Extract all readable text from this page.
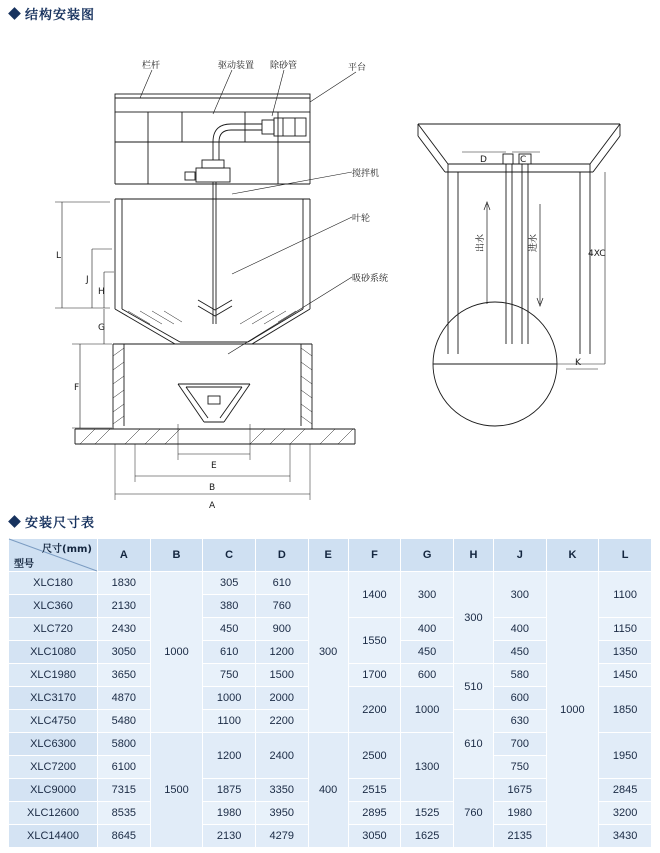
结构安装图
栏杆	驱动装置 除砂管	平台
搅拌机
叶轮
吸砂系统
L
J
H
G
F
E
B
A
D	C
K
4XC
出水	进水
安装尺寸表
尺寸(mm)
型号	A	B	C	D	E	F	G	H	J	K	L
XLC180	1830	1000	305	610	300	1400	300	300	300	1000	1100
XLC360	2130		380	760							
XLC720	2430		450	900		1550	400		400		1150
XLC1080	3050		610	1200			450		450		1350
XLC1980	3650		750	1500		1700	600	510	580		1450
XLC3170	4870		1000	2000		2200	1000		600		1850
XLC4750	5480		1100	2200				610	630		
XLC6300	5800	1500	1200	2400	400	2500	1300		700		1950
XLC7200	6100								750		
XLC9000	7315		1875	3350		2515		760	1675		2845
XLC12600	8535		1980	3950		2895	1525		1980		3200
XLC14400	8645		2130	4279		3050	1625		2135		3430
